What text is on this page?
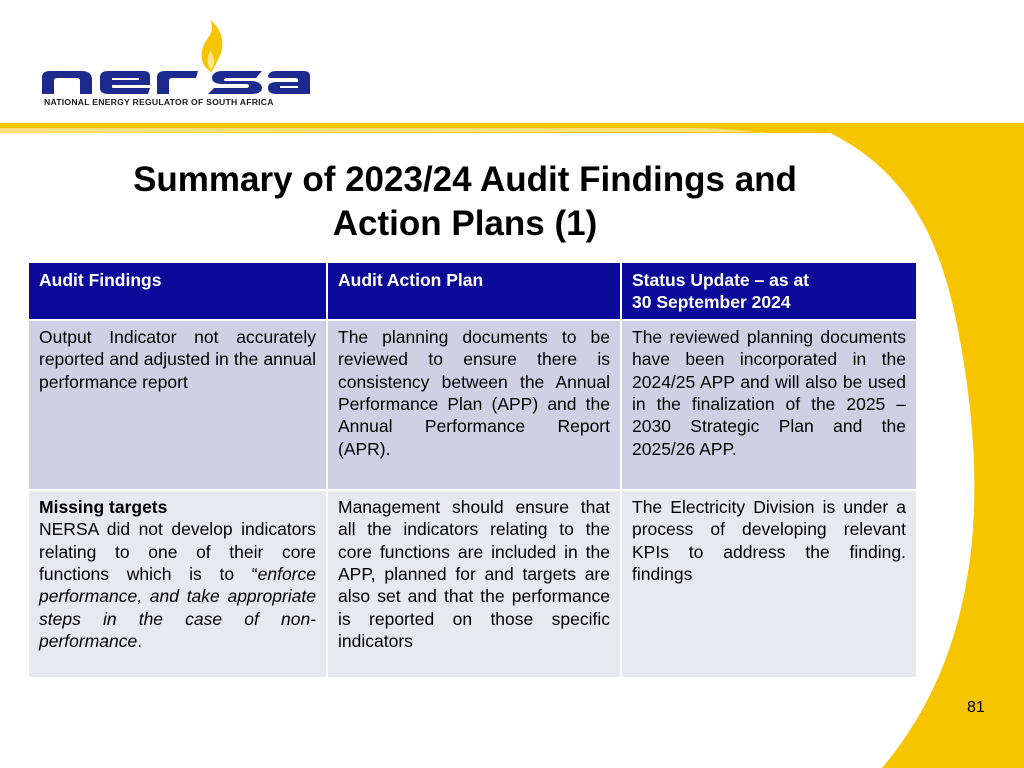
NATIONAL ENERGY REGULATOR OF SOUTH AFRICA
Summary of 2023/24 Audit Findings and
Action Plans (1)
Audit Findings	Audit Action Plan	Status Update – as at
30 September 2024

Output Indicator not accurately reported and adjusted in the annual performance report	The planning documents to be reviewed to ensure there is consistency between the Annual Performance Plan (APP) and the Annual Performance Report (APR).	The reviewed planning documents have been incorporated in the 2024/25 APP and will also be used in the finalization of the 2025 – 2030 Strategic Plan and the 2025/26 APP.

Missing targets
NERSA did not develop indicators relating to one of their core functions which is to “enforce performance, and take appropriate steps in the case of non-performance.	Management should ensure that all the indicators relating to the core functions are included in the APP, planned for and targets are also set and that the performance is reported on those specific indicators	The Electricity Division is under a process of developing relevant KPIs to address the finding. findings
81
